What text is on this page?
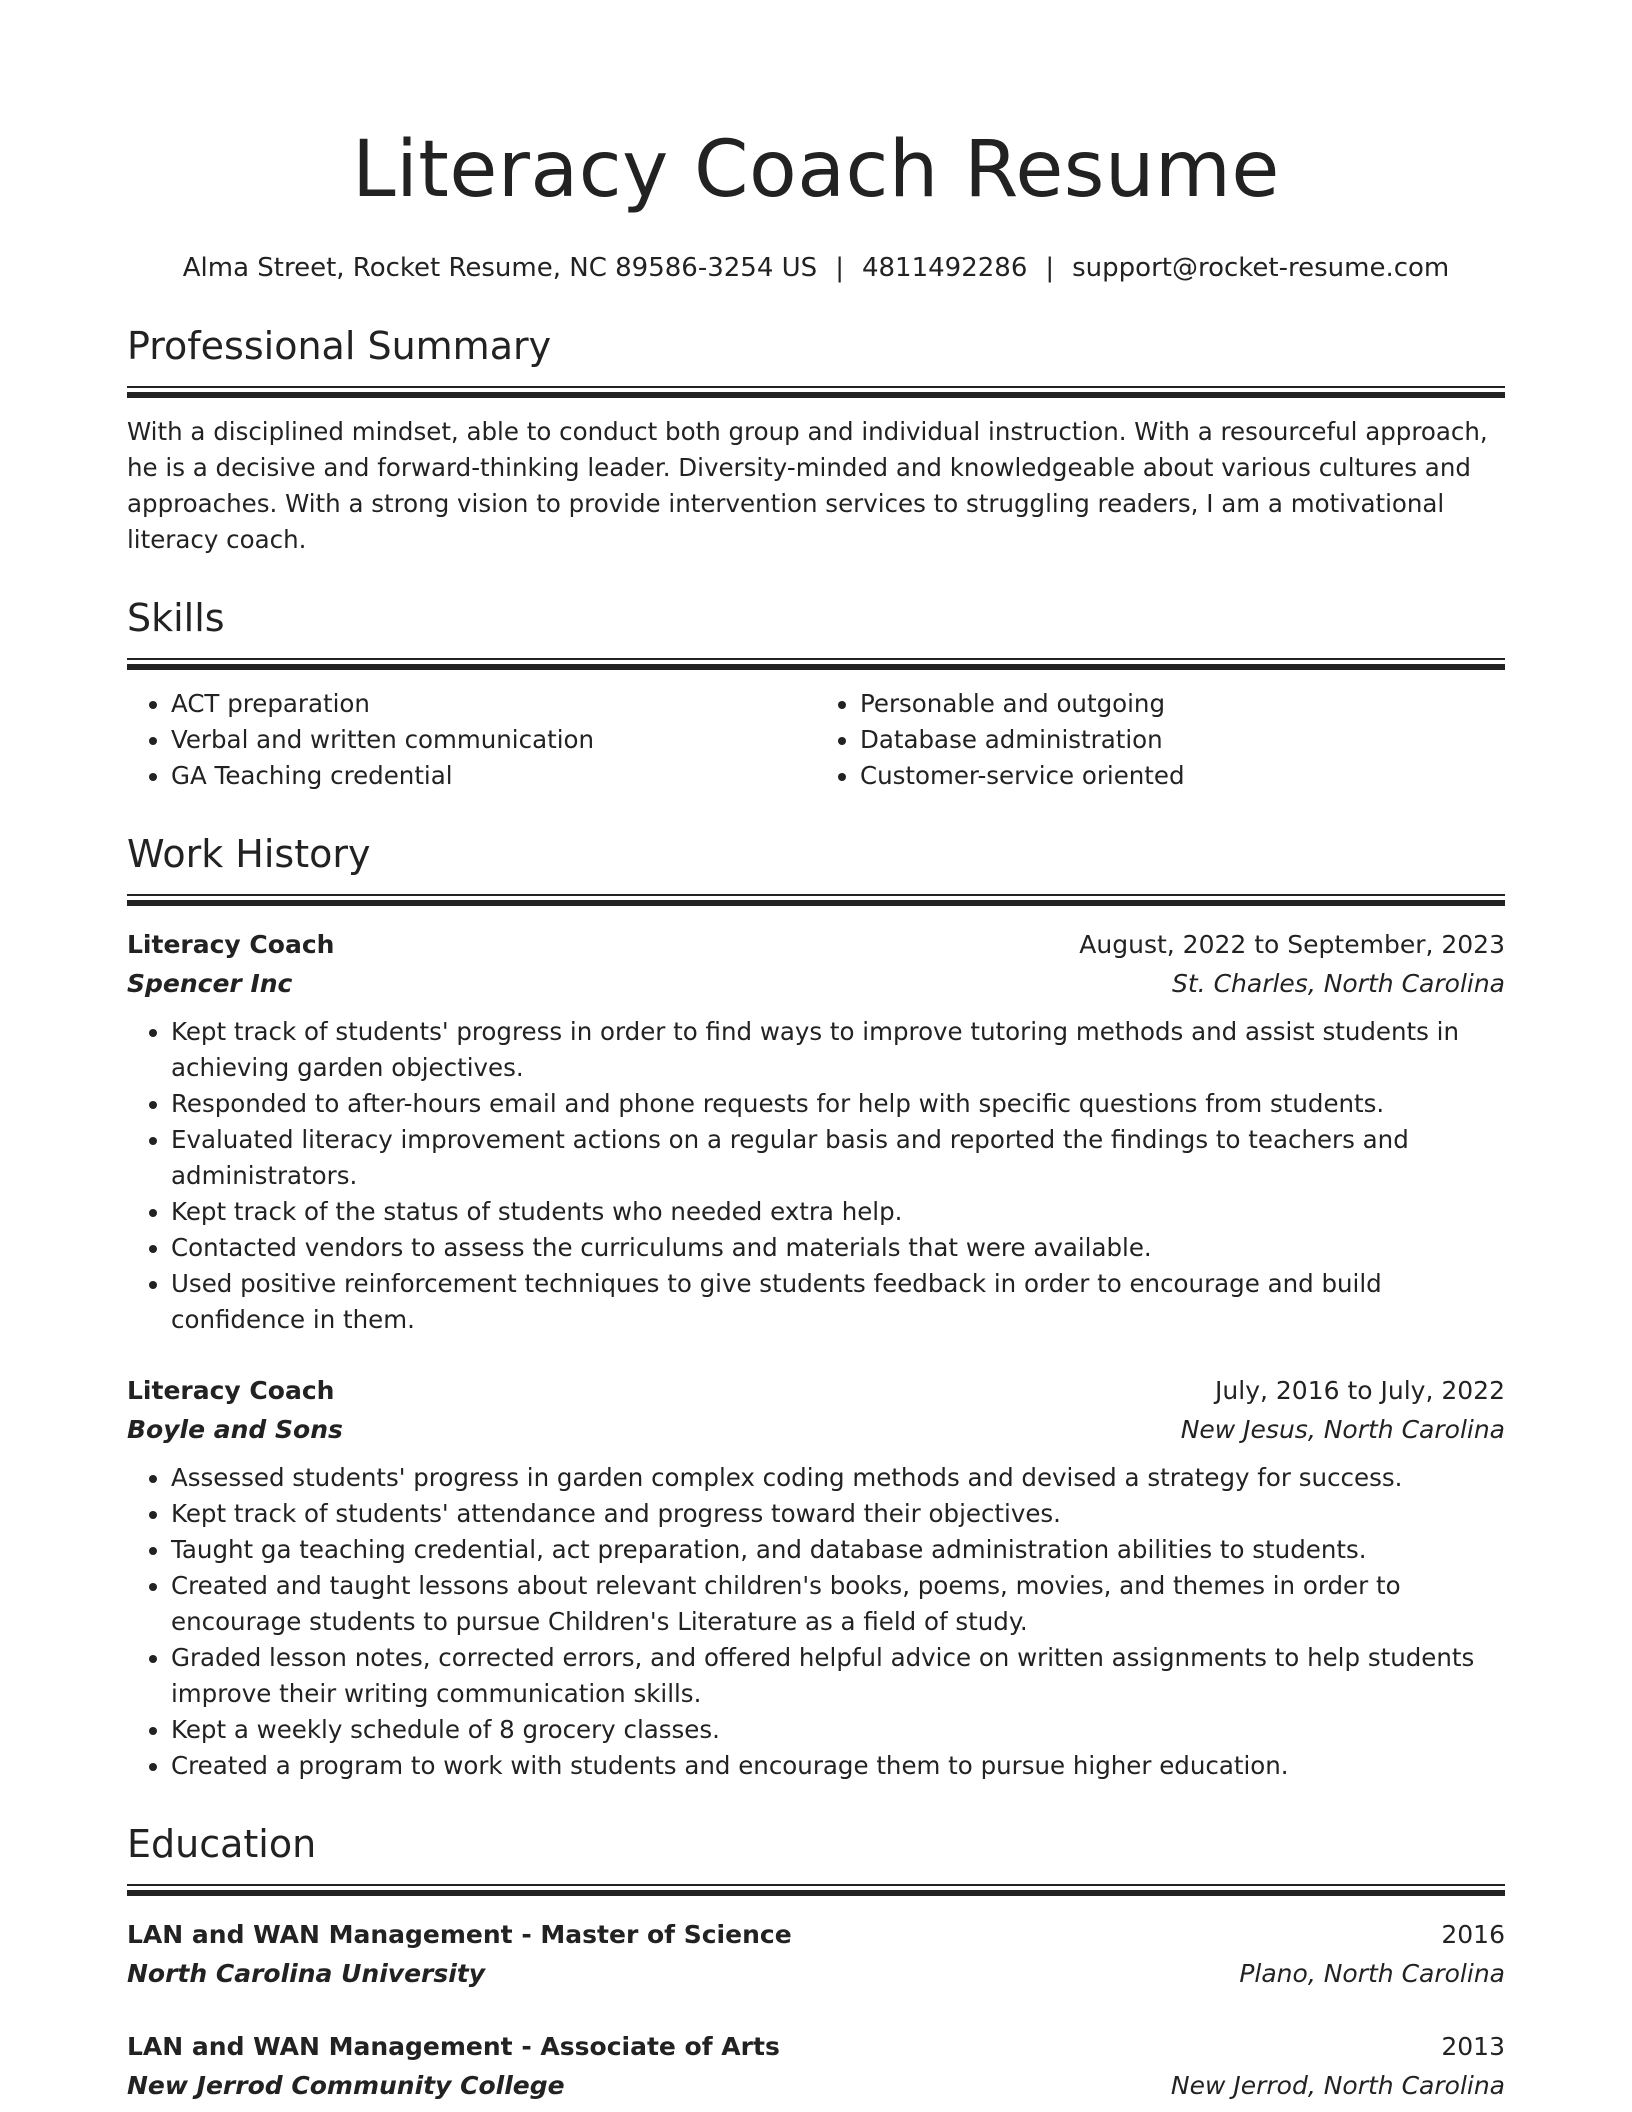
Literacy Coach Resume
Alma Street, Rocket Resume, NC 89586-3254 US | 4811492286 | support@rocket-resume.com
Professional Summary
With a disciplined mindset, able to conduct both group and individual instruction. With a resourceful approach, he is a decisive and forward-thinking leader. Diversity-minded and knowledgeable about various cultures and approaches. With a strong vision to provide intervention services to struggling readers, I am a motivational literacy coach.
Skills
• ACT preparation
• Verbal and written communication
• GA Teaching credential
• Personable and outgoing
• Database administration
• Customer-service oriented
Work History
Literacy Coach	August, 2022 to September, 2023
Spencer Inc	St. Charles, North Carolina
• Kept track of students' progress in order to find ways to improve tutoring methods and assist students in achieving garden objectives.
• Responded to after-hours email and phone requests for help with specific questions from students.
• Evaluated literacy improvement actions on a regular basis and reported the findings to teachers and administrators.
• Kept track of the status of students who needed extra help.
• Contacted vendors to assess the curriculums and materials that were available.
• Used positive reinforcement techniques to give students feedback in order to encourage and build confidence in them.
Literacy Coach	July, 2016 to July, 2022
Boyle and Sons	New Jesus, North Carolina
• Assessed students' progress in garden complex coding methods and devised a strategy for success.
• Kept track of students' attendance and progress toward their objectives.
• Taught ga teaching credential, act preparation, and database administration abilities to students.
• Created and taught lessons about relevant children's books, poems, movies, and themes in order to encourage students to pursue Children's Literature as a field of study.
• Graded lesson notes, corrected errors, and offered helpful advice on written assignments to help students improve their writing communication skills.
• Kept a weekly schedule of 8 grocery classes.
• Created a program to work with students and encourage them to pursue higher education.
Education
LAN and WAN Management - Master of Science	2016
North Carolina University	Plano, North Carolina
LAN and WAN Management - Associate of Arts	2013
New Jerrod Community College	New Jerrod, North Carolina
